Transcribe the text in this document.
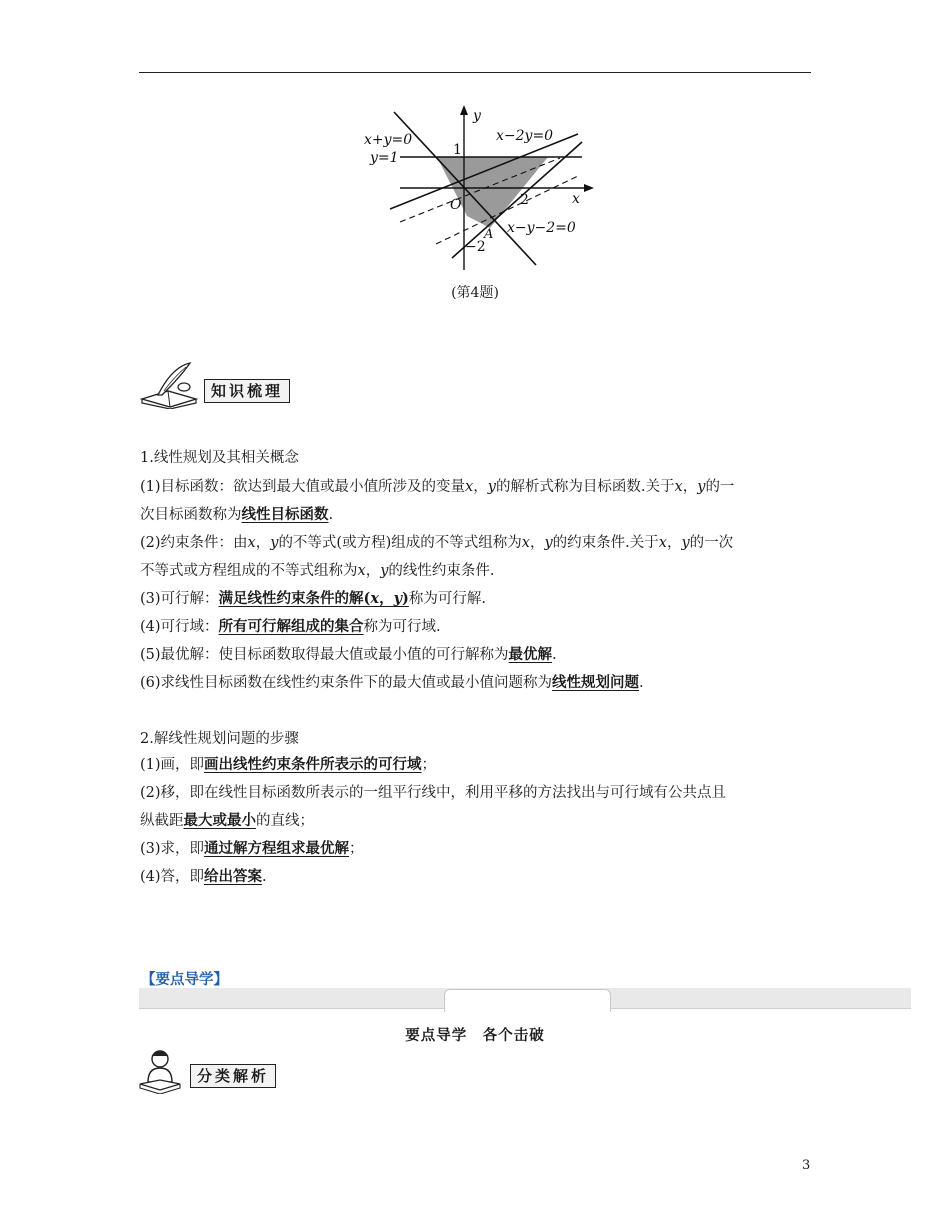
y
x
x+y=0
y=1
x−2y=0
x−y−2=0
1
2
−2
O
A
(第4题)
知识梳理
1.线性规划及其相关概念
(1)目标函数：欲达到最大值或最小值所涉及的变量x，y的解析式称为目标函数.关于x，y的一
次目标函数称为线性目标函数.
(2)约束条件：由x，y的不等式(或方程)组成的不等式组称为x，y的约束条件.关于x，y的一次
不等式或方程组成的不等式组称为x，y的线性约束条件.
(3)可行解：满足线性约束条件的解(x，y)称为可行解.
(4)可行域：所有可行解组成的集合称为可行域.
(5)最优解：使目标函数取得最大值或最小值的可行解称为最优解.
(6)求线性目标函数在线性约束条件下的最大值或最小值问题称为线性规划问题.
2.解线性规划问题的步骤
(1)画，即画出线性约束条件所表示的可行域；
(2)移，即在线性目标函数所表示的一组平行线中，利用平移的方法找出与可行域有公共点且
纵截距最大或最小的直线；
(3)求，即通过解方程组求最优解；
(4)答，即给出答案.
【要点导学】
要点导学　各个击破
分类解析
3
